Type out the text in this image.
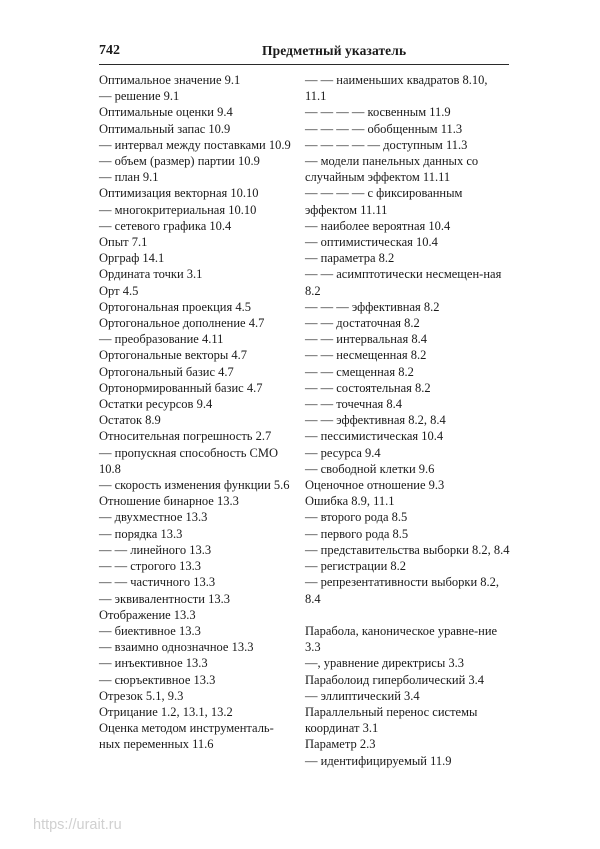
742	Предметный указатель
Оптимальное значение 9.1
— решение 9.1
Оптимальные оценки 9.4
Оптимальный запас 10.9
— интервал между поставками 10.9
— объем (размер) партии 10.9
— план 9.1
Оптимизация векторная 10.10
— многокритериальная 10.10
— сетевого графика 10.4
Опыт 7.1
Орграф 14.1
Ордината точки 3.1
Орт 4.5
Ортогональная проекция 4.5
Ортогональное дополнение 4.7
— преобразование 4.11
Ортогональные векторы 4.7
Ортогональный базис 4.7
Ортонормированный базис 4.7
Остатки ресурсов 9.4
Остаток 8.9
Относительная погрешность 2.7
— пропускная способность СМО 10.8
— скорость изменения функции 5.6
Отношение бинарное 13.3
— двухместное 13.3
— порядка 13.3
— — линейного 13.3
— — строгого 13.3
— — частичного 13.3
— эквивалентности 13.3
Отображение 13.3
— биективное 13.3
— взаимно однозначное 13.3
— инъективное 13.3
— сюръективное 13.3
Отрезок 5.1, 9.3
Отрицание 1.2, 13.1, 13.2
Оценка методом инструменталь-ных переменных 11.6
— — наименьших квадратов 8.10, 11.1
— — — — косвенным 11.9
— — — — обобщенным 11.3
— — — — — доступным 11.3
— модели панельных данных со случайным эффектом 11.11
— — — — с фиксированным эффектом 11.11
— наиболее вероятная 10.4
— оптимистическая 10.4
— параметра 8.2
— — асимптотически несмещен-ная 8.2
— — — эффективная 8.2
— — достаточная 8.2
— — интервальная 8.4
— — несмещенная 8.2
— — смещенная 8.2
— — состоятельная 8.2
— — точечная 8.4
— — эффективная 8.2, 8.4
— пессимистическая 10.4
— ресурса 9.4
— свободной клетки 9.6
Оценочное отношение 9.3
Ошибка 8.9, 11.1
— второго рода 8.5
— первого рода 8.5
— представительства выборки 8.2, 8.4
— регистрации 8.2
— репрезентативности выборки 8.2, 8.4
Парабола, каноническое уравне-ние 3.3
—, уравнение директрисы 3.3
Параболоид гиперболический 3.4
— эллиптический 3.4
Параллельный перенос системы координат 3.1
Параметр 2.3
— идентифицируемый 11.9
https://urait.ru
